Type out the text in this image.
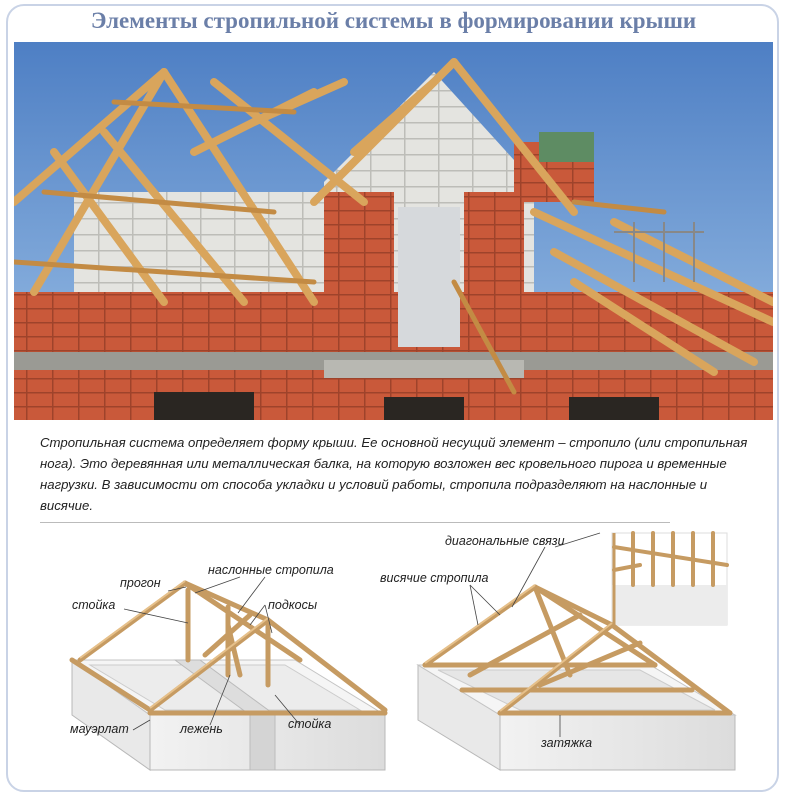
Элементы стропильной системы в формировании крыши

Стропильная система определяет форму крыши. Ее основной несущий элемент – стропило (или стропильная нога). Это деревянная или металлическая балка, на которую возложен вес кровельного пирога и временные нагрузки. В зависимости от способа укладки и условий работы, стропила подразделяют на наслонные и висячие.

прогон
стойка
наслонные стропила
подкосы
мауэрлат	лежень	стойка
диагональные связи
висячие стропила
затяжка
